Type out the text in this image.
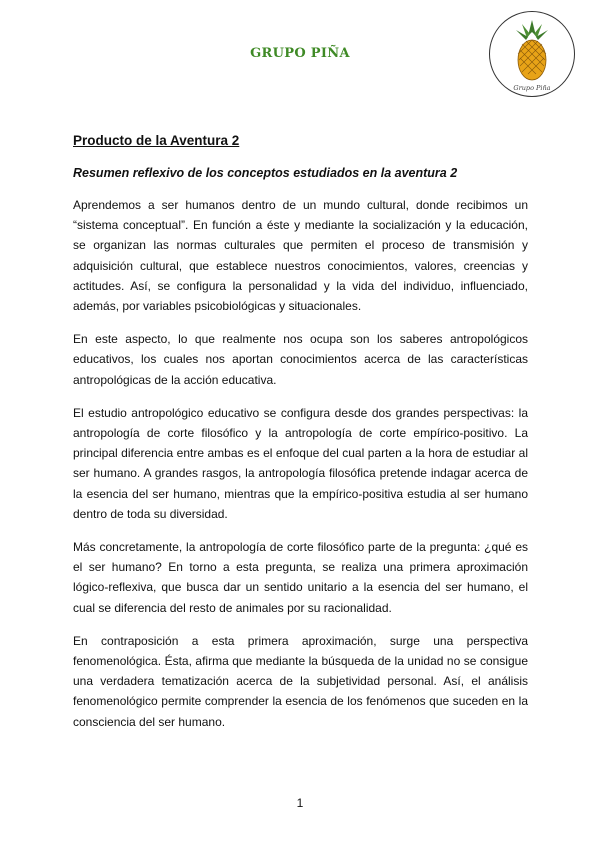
GRUPO PIÑA
Grupo Piña
Producto de la Aventura 2
Resumen reflexivo de los conceptos estudiados en la aventura 2

Aprendemos a ser humanos dentro de un mundo cultural, donde recibimos un “sistema conceptual”. En función a éste y mediante la socialización y la educación, se organizan las normas culturales que permiten el proceso de transmisión y adquisición cultural, que establece nuestros conocimientos, valores, creencias y actitudes. Así, se configura la personalidad y la vida del individuo, influenciado, además, por variables psicobiológicas y situacionales.

En este aspecto, lo que realmente nos ocupa son los saberes antropológicos educativos, los cuales nos aportan conocimientos acerca de las características antropológicas de la acción educativa.

El estudio antropológico educativo se configura desde dos grandes perspectivas: la antropología de corte filosófico y la antropología de corte empírico-positivo. La principal diferencia entre ambas es el enfoque del cual parten a la hora de estudiar al ser humano. A grandes rasgos, la antropología filosófica pretende indagar acerca de la esencia del ser humano, mientras que la empírico-positiva estudia al ser humano dentro de toda su diversidad.

Más concretamente, la antropología de corte filosófico parte de la pregunta: ¿qué es el ser humano? En torno a esta pregunta, se realiza una primera aproximación lógico-reflexiva, que busca dar un sentido unitario a la esencia del ser humano, el cual se diferencia del resto de animales por su racionalidad.

En contraposición a esta primera aproximación, surge una perspectiva fenomenológica. Ésta, afirma que mediante la búsqueda de la unidad no se consigue una verdadera tematización acerca de la subjetividad personal. Así, el análisis fenomenológico permite comprender la esencia de los fenómenos que suceden en la consciencia del ser humano.

1
